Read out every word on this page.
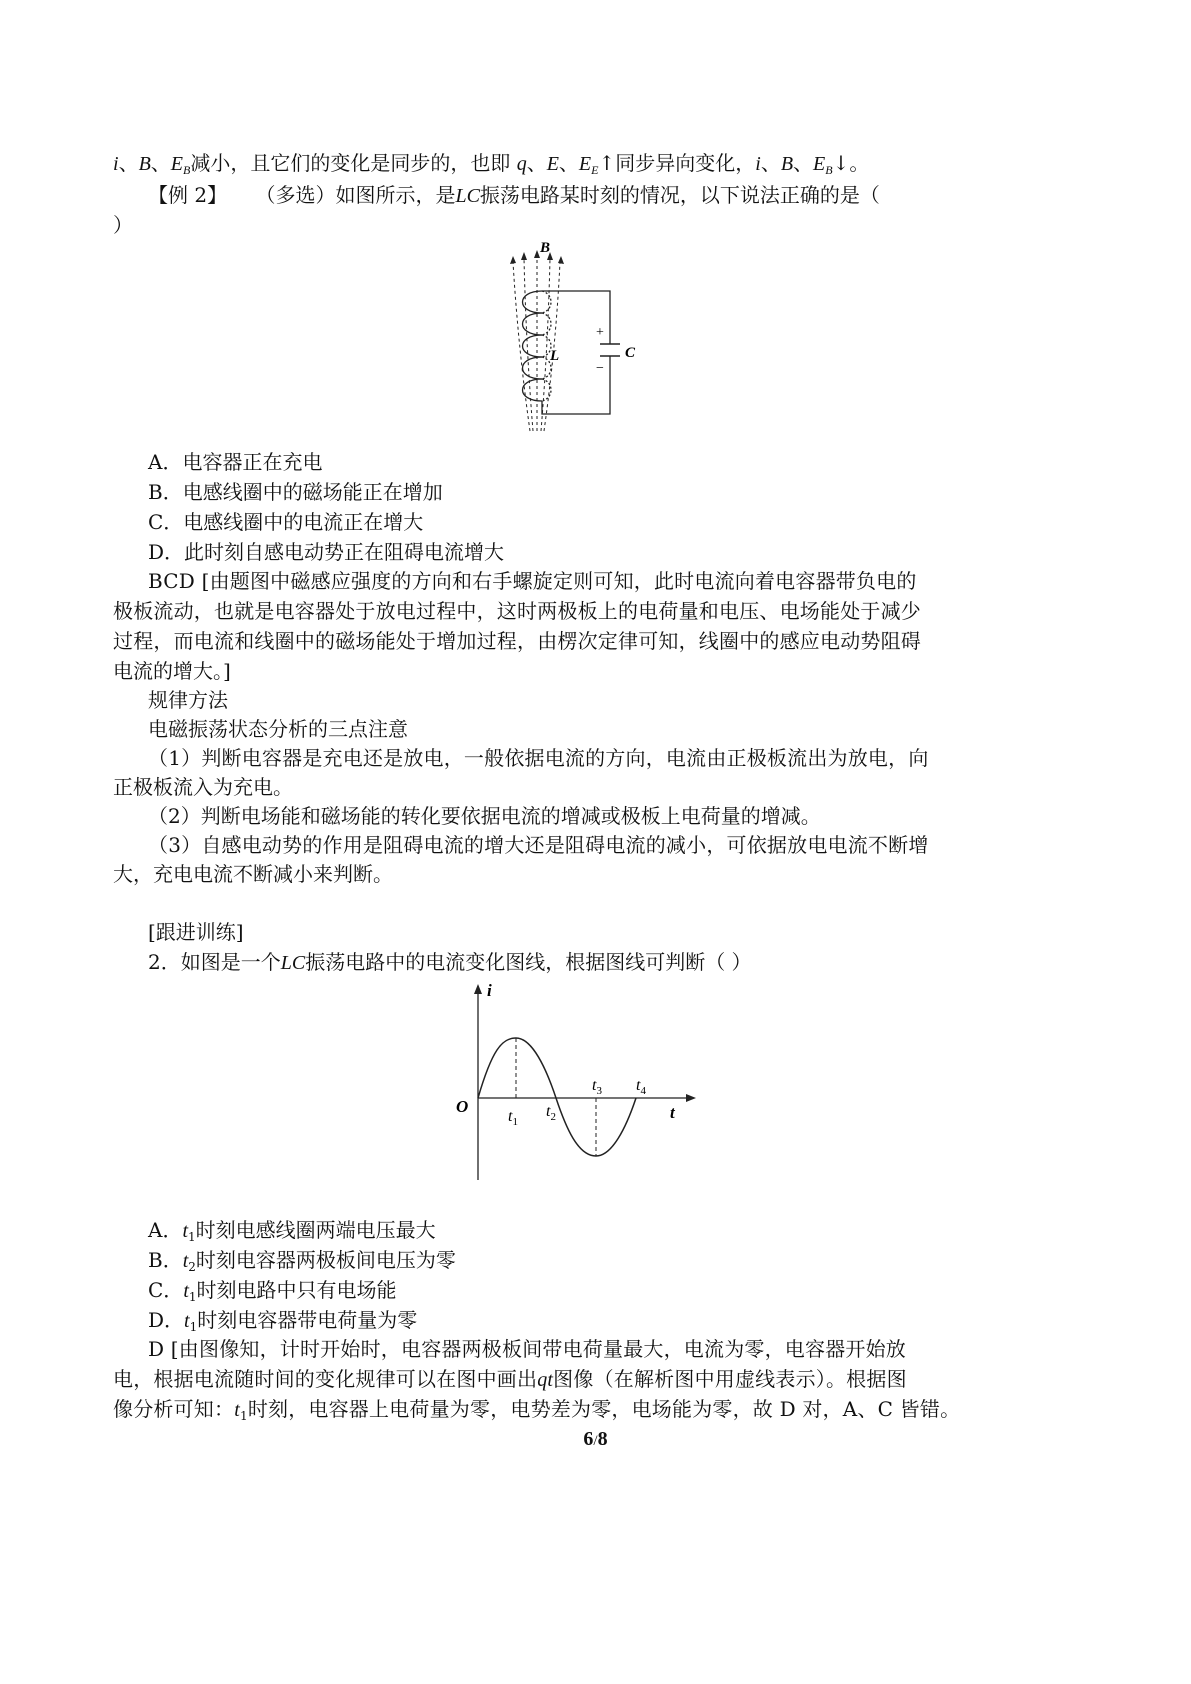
i、B、$E_B$减小，且它们的变化是同步的，也即 q、E、$E_E↑$同步异向变化，i、B、$E_B↓$。
【例 2】 （多选）如图所示，是LC振荡电路某时刻的情况，以下说法正确的是（
）
B
+
−
C
L
A．电容器正在充电
B．电感线圈中的磁场能正在增加
C．电感线圈中的电流正在增大
D．此时刻自感电动势正在阻碍电流增大
BCD [由题图中磁感应强度的方向和右手螺旋定则可知，此时电流向着电容器带负电的
极板流动，也就是电容器处于放电过程中，这时两极板上的电荷量和电压、电场能处于减少
过程，而电流和线圈中的磁场能处于增加过程，由楞次定律可知，线圈中的感应电动势阻碍
电流的增大。]
规律方法
电磁振荡状态分析的三点注意
（1）判断电容器是充电还是放电，一般依据电流的方向，电流由正极板流出为放电，向
正极板流入为充电。
（2）判断电场能和磁场能的转化要依据电流的增减或极板上电荷量的增减。
（3）自感电动势的作用是阻碍电流的增大还是阻碍电流的减小，可依据放电电流不断增
大，充电电流不断减小来判断。
[跟进训练]
2．如图是一个LC振荡电路中的电流变化图线，根据图线可判断（ ）
i
O	t
$t_1$
$t_2$
$t_3$ $t_4$
A．$t_1$时刻电感线圈两端电压最大
B．$t_2$时刻电容器两极板间电压为零
C．$t_1$时刻电路中只有电场能
D．$t_1$时刻电容器带电荷量为零
D [由图像知，计时开始时，电容器两极板间带电荷量最大，电流为零，电容器开始放
电，根据电流随时间的变化规律可以在图中画出qt图像（在解析图中用虚线表示）。根据图
像分析可知：$t_1$时刻，电容器上电荷量为零，电势差为零，电场能为零，故 D 对，A、C 皆错。
6/8
